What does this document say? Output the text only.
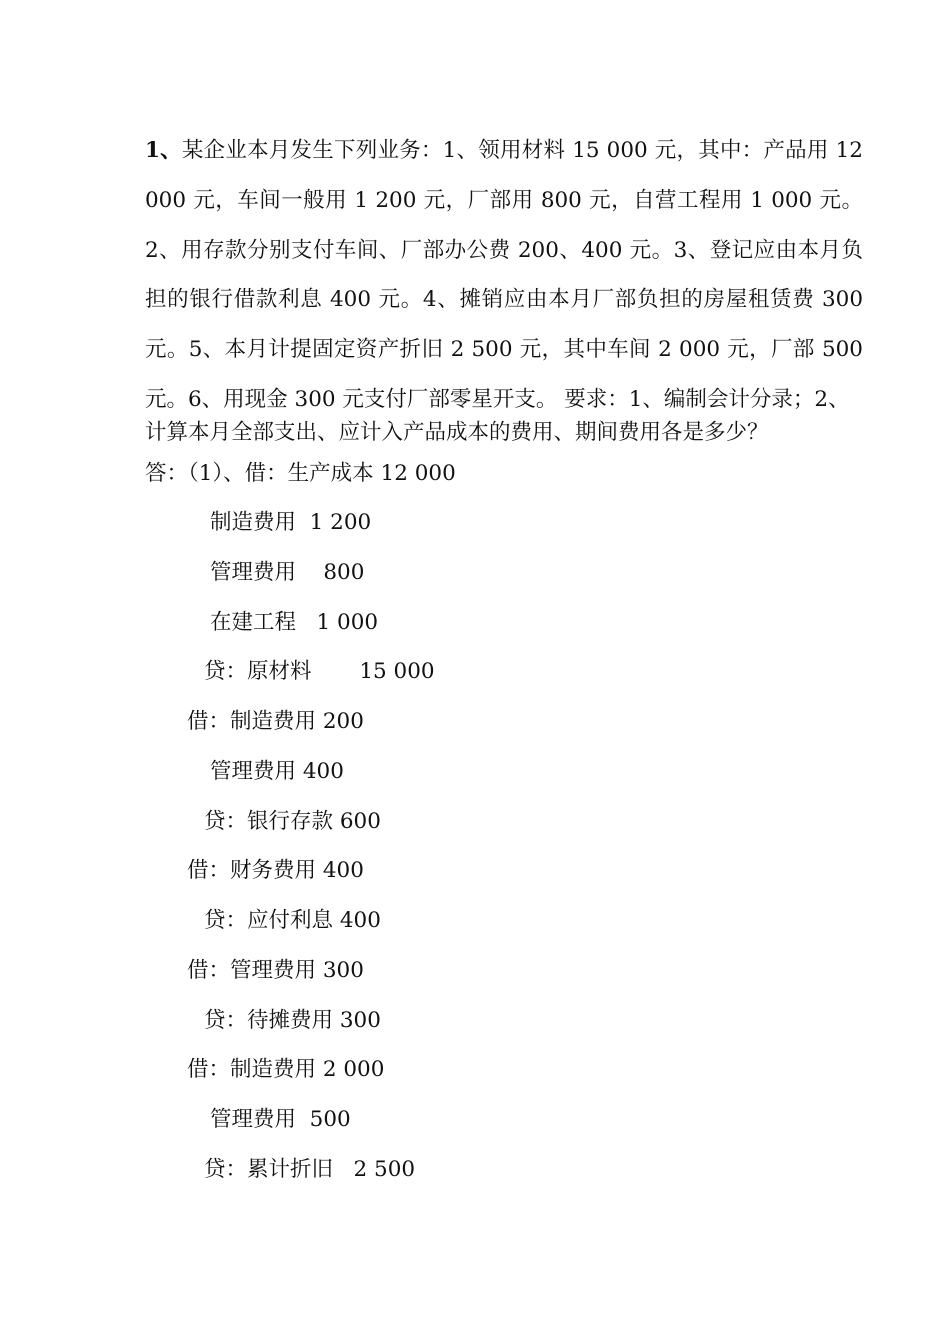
1、某企业本月发生下列业务：1、领用材料 15 000 元，其中：产品用 12 000 元，车间一般用 1 200 元，厂部用 800 元，自营工程用 1 000 元。2、用存款分别支付车间、厂部办公费 200、400 元。3、登记应由本月负担的银行借款利息 400 元。4、摊销应由本月厂部负担的房屋租赁费 300 元。5、本月计提固定资产折旧 2 500 元，其中车间 2 000 元，厂部 500 元。6、用现金 300 元支付厂部零星开支。 要求：1、编制会计分录；2、

计算本月全部支出、应计入产品成本的费用、期间费用各是多少？

答：（1）、借：生产成本 12 000

制造费用  1 200

管理费用    800

在建工程   1 000

贷：原材料       15 000

借：制造费用 200

管理费用 400

贷：银行存款 600

借：财务费用 400

贷：应付利息 400

借：管理费用 300

贷：待摊费用 300

借：制造费用 2 000

管理费用  500

贷：累计折旧   2 500
